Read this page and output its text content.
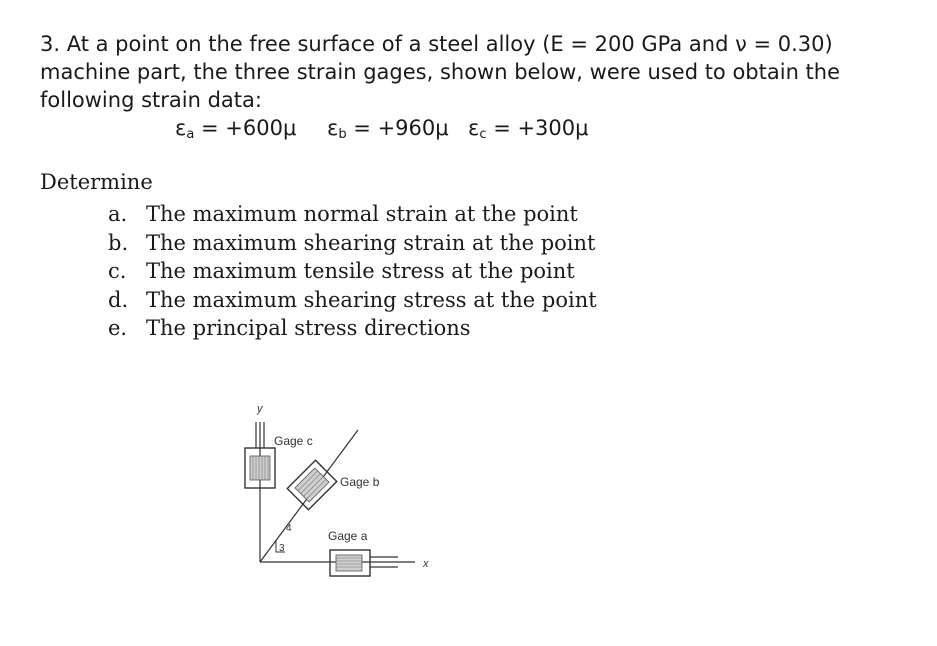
3. At a point on the free surface of a steel alloy (E = 200 GPa and ν = 0.30) machine part, the three strain gages, shown below, were used to obtain the following strain data:

$\varepsilon_a = +600\mu$ $\varepsilon_b = +960\mu$ $\varepsilon_c = +300\mu$

Determine

a. The maximum normal strain at the point
b. The maximum shearing strain at the point
c. The maximum tensile stress at the point
d. The maximum shearing stress at the point
e. The principal stress directions
y
x
Gage c
Gage b
Gage a
4
3
